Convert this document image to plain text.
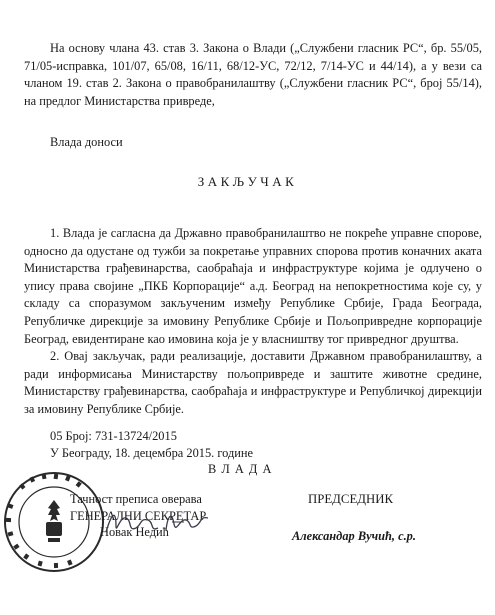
На основу члана 43. став 3. Закона о Влади („Службени гласник РС“, бр. 55/05, 71/05-исправка, 101/07, 65/08, 16/11, 68/12-УС, 72/12, 7/14-УС и 44/14), а у вези са чланом 19. став 2. Закона о правобранилаштву („Службени гласник РС“, број 55/14), на предлог Министарства привреде,

Влада доноси
ЗАКЉУЧАК

1. Влада је сагласна да Државно правобранилаштво не покреће управне спорове, односно да одустане од тужби за покретање управних спорова против коначних аката Министарства грађевинарства, саобраћаја и инфраструктуре којима је одлучено о упису права својине „ПКБ Корпорације“ а.д. Београд на непокретностима које су, у складу са споразумом закљученим између Републике Србије, Града Београда, Републичке дирекције за имовину Републике Србије и Пољопривредне корпорације Београд, евидентиране као имовина која је у власништву тог привредног друштва.

2. Овај закључак, ради реализације, доставити Државном правобранилаштву, а ради информисања Министарству пољопривреде и заштите животне средине, Министарству грађевинарства, саобраћаја и инфраструктуре и Републичкој дирекцији за имовину Републике Србије.

05 Број: 731-13724/2015
У Београду, 18. децембра 2015. године
В Л А Д А
Тачност преписа оверава
ГЕНЕРАЛНИ СЕКРЕТАР
Новак Недић
ПРЕДСЕДНИК
Александар Вучић, с.р.
